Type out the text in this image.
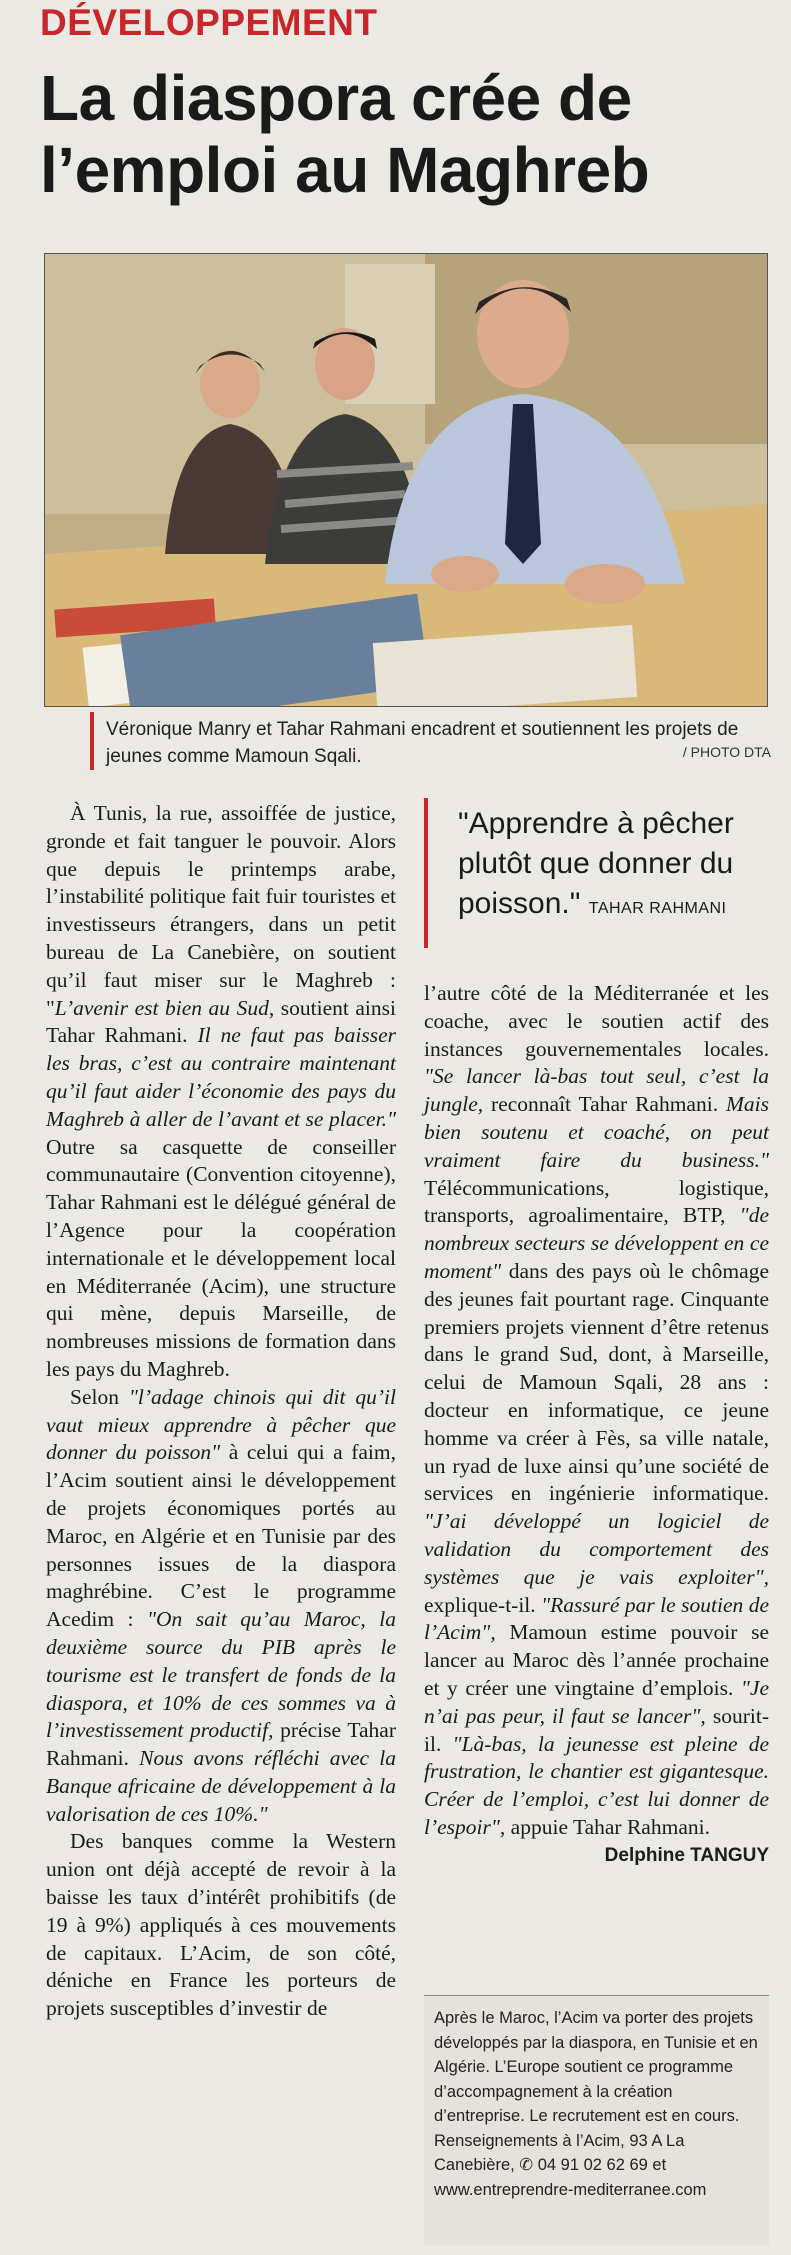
DÉVELOPPEMENT
La diaspora crée de l’emploi au Maghreb
Véronique Manry et Tahar Rahmani encadrent et soutiennent les projets de jeunes comme Mamoun Sqali.	/ PHOTO DTA

À Tunis, la rue, assoiffée de justice, gronde et fait tanguer le pouvoir. Alors que depuis le printemps arabe, l’instabilité politique fait fuir touristes et investisseurs étrangers, dans un petit bureau de La Canebière, on soutient qu’il faut miser sur le Maghreb : "L’avenir est bien au Sud, soutient ainsi Tahar Rahmani. Il ne faut pas baisser les bras, c’est au contraire maintenant qu’il faut aider l’économie des pays du Maghreb à aller de l’avant et se placer." Outre sa casquette de conseiller communautaire (Convention citoyenne), Tahar Rahmani est le délégué général de l’Agence pour la coopération internationale et le développement local en Méditerranée (Acim), une structure qui mène, depuis Marseille, de nombreuses missions de formation dans les pays du Maghreb.

Selon "l’adage chinois qui dit qu’il vaut mieux apprendre à pêcher que donner du poisson" à celui qui a faim, l’Acim soutient ainsi le développement de projets économiques portés au Maroc, en Algérie et en Tunisie par des personnes issues de la diaspora maghrébine. C’est le programme Acedim : "On sait qu’au Maroc, la deuxième source du PIB après le tourisme est le transfert de fonds de la diaspora, et 10% de ces sommes va à l’investissement productif, précise Tahar Rahmani. Nous avons réfléchi avec la Banque africaine de développement à la valorisation de ces 10%."

Des banques comme la Western union ont déjà accepté de revoir à la baisse les taux d’intérêt prohibitifs (de 19 à 9%) appliqués à ces mouvements de capitaux. L’Acim, de son côté, déniche en France les porteurs de projets susceptibles d’investir de

"Apprendre à pêcher plutôt que donner du poisson." TAHAR RAHMANI

l’autre côté de la Méditerranée et les coache, avec le soutien actif des instances gouvernementales locales. "Se lancer là-bas tout seul, c’est la jungle, reconnaît Tahar Rahmani. Mais bien soutenu et coaché, on peut vraiment faire du business." Télécommunications, logistique, transports, agroalimentaire, BTP, "de nombreux secteurs se développent en ce moment" dans des pays où le chômage des jeunes fait pourtant rage. Cinquante premiers projets viennent d’être retenus dans le grand Sud, dont, à Marseille, celui de Mamoun Sqali, 28 ans : docteur en informatique, ce jeune homme va créer à Fès, sa ville natale, un ryad de luxe ainsi qu’une société de services en ingénierie informatique. "J’ai développé un logiciel de validation du comportement des systèmes que je vais exploiter", explique-t-il. "Rassuré par le soutien de l’Acim", Mamoun estime pouvoir se lancer au Maroc dès l’année prochaine et y créer une vingtaine d’emplois. "Je n’ai pas peur, il faut se lancer", sourit-il. "Là-bas, la jeunesse est pleine de frustration, le chantier est gigantesque. Créer de l’emploi, c’est lui donner de l’espoir", appuie Tahar Rahmani.
Delphine TANGUY

Après le Maroc, l’Acim va porter des projets développés par la diaspora, en Tunisie et en Algérie. L’Europe soutient ce programme d’accompagnement à la création d’entreprise. Le recrutement est en cours. Renseignements à l’Acim, 93 A La Canebière, ✆ 04 91 02 62 69 et www.entreprendre-mediterranee.com
